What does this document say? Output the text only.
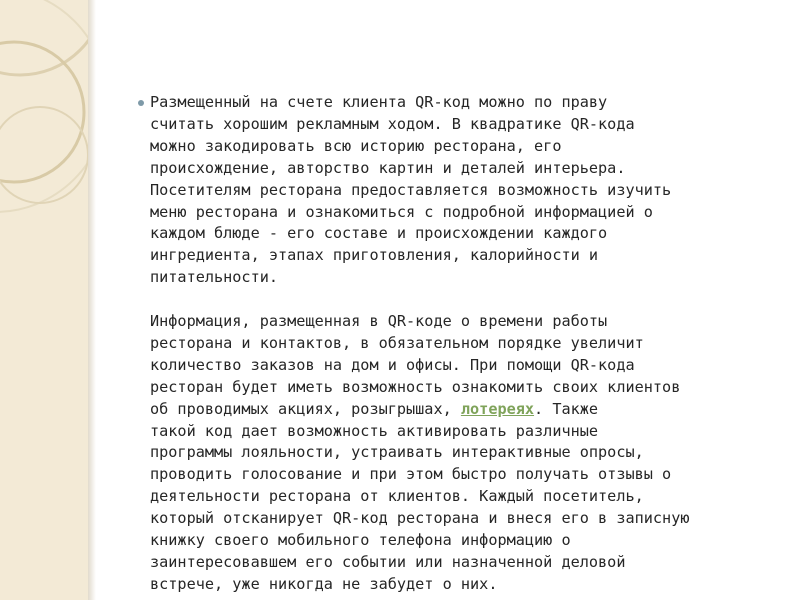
Размещенный на счете клиента QR-код можно по праву
считать хорошим рекламным ходом. В квадратике QR-кода
можно закодировать всю историю ресторана, его
происхождение, авторство картин и деталей интерьера.
Посетителям ресторана предоставляется возможность изучить
меню ресторана и ознакомиться с подробной информацией о
каждом блюде - его составе и происхождении каждого
ингредиента, этапах приготовления, калорийности и
питательности.
Информация, размещенная в QR-коде о времени работы
ресторана и контактов, в обязательном порядке увеличит
количество заказов на дом и офисы. При помощи QR-кода
ресторан будет иметь возможность ознакомить своих клиентов
об проводимых акциях, розыгрышах, лотереях. Также
такой код дает возможность активировать различные
программы лояльности, устраивать интерактивные опросы,
проводить голосование и при этом быстро получать отзывы о
деятельности ресторана от клиентов. Каждый посетитель,
который отсканирует QR-код ресторана и внеся его в записную
книжку своего мобильного телефона информацию о
заинтересовавшем его событии или назначенной деловой
встрече, уже никогда не забудет о них.
